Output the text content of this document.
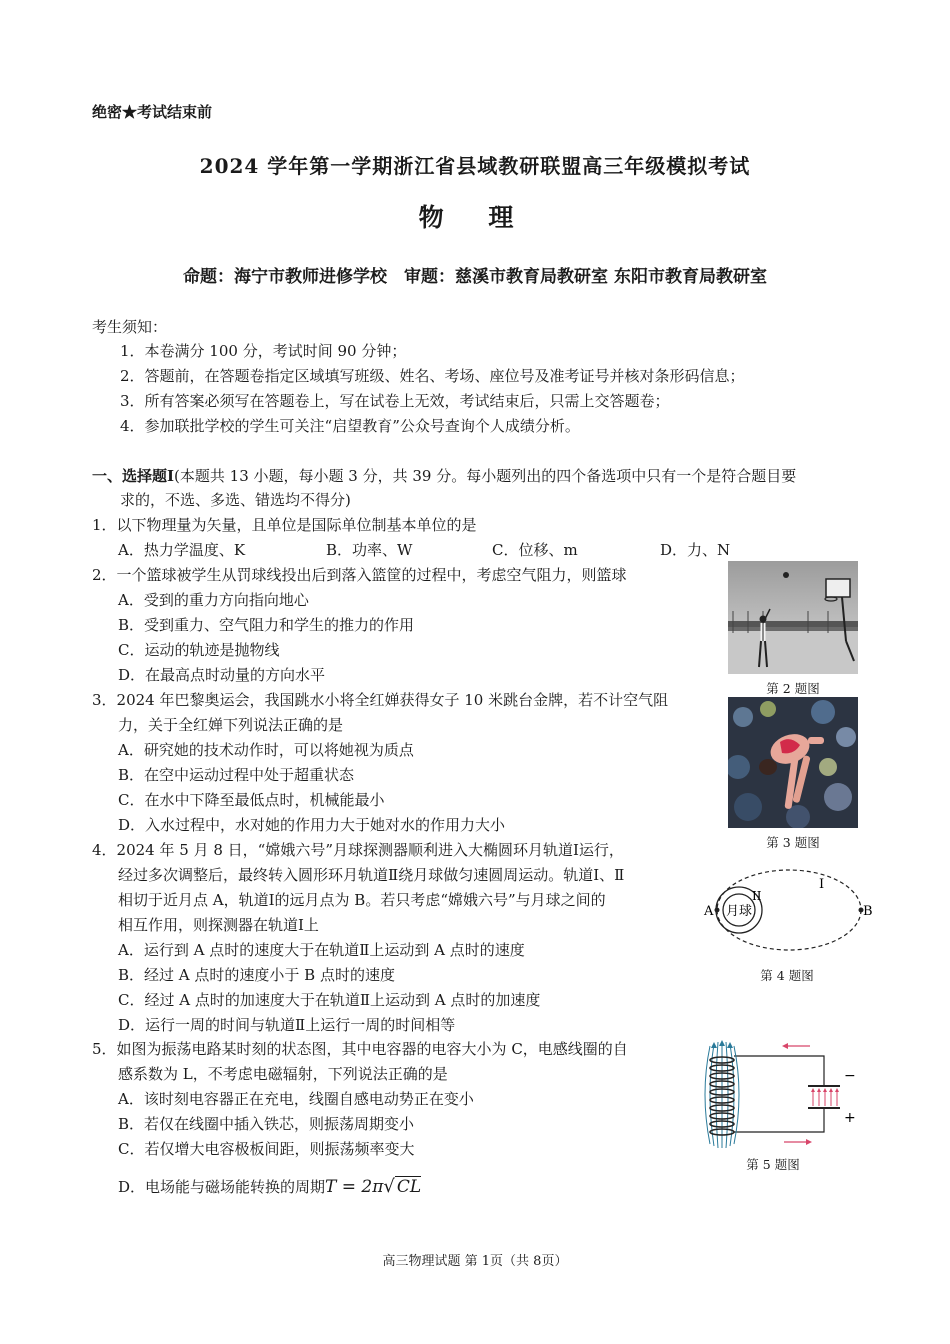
绝密★考试结束前
2024 学年第一学期浙江省县域教研联盟高三年级模拟考试
物 理
命题：海宁市教师进修学校　审题：慈溪市教育局教研室 东阳市教育局教研室
考生须知：
1．本卷满分 100 分，考试时间 90 分钟；
2．答题前，在答题卷指定区域填写班级、姓名、考场、座位号及准考证号并核对条形码信息；
3．所有答案必须写在答题卷上，写在试卷上无效，考试结束后，只需上交答题卷；
4．参加联批学校的学生可关注“启望教育”公众号查询个人成绩分析。
一、选择题Ⅰ(本题共 13 小题，每小题 3 分，共 39 分。每小题列出的四个备选项中只有一个是符合题目要
求的，不选、多选、错选均不得分)
1．以下物理量为矢量，且单位是国际单位制基本单位的是
A．热力学温度、K	B．功率、W	C．位移、m	D．力、N
2．一个篮球被学生从罚球线投出后到落入篮筐的过程中，考虑空气阻力，则篮球
A．受到的重力方向指向地心
B．受到重力、空气阻力和学生的推力的作用
C．运动的轨迹是抛物线
D．在最高点时动量的方向水平
第 2 题图
3．2024 年巴黎奥运会，我国跳水小将全红婵获得女子 10 米跳台金牌，若不计空气阻
力，关于全红婵下列说法正确的是
A．研究她的技术动作时，可以将她视为质点
B．在空中运动过程中处于超重状态
C．在水中下降至最低点时，机械能最小
D．入水过程中，水对她的作用力大于她对水的作用力大小
第 3 题图
4．2024 年 5 月 8 日，“嫦娥六号”月球探测器顺利进入大椭圆环月轨道Ⅰ运行，
经过多次调整后，最终转入圆形环月轨道Ⅱ绕月球做匀速圆周运动。轨道Ⅰ、Ⅱ
相切于近月点 A，轨道Ⅰ的远月点为 B。若只考虑“嫦娥六号”与月球之间的
相互作用，则探测器在轨道Ⅰ上
A．运行到 A 点时的速度大于在轨道Ⅱ上运动到 A 点时的速度
B．经过 A 点时的速度小于 B 点时的速度
C．经过 A 点时的加速度大于在轨道Ⅱ上运动到 A 点时的加速度
D．运行一周的时间与轨道Ⅱ上运行一周的时间相等
月球
I
II
A	B
第 4 题图
5．如图为振荡电路某时刻的状态图，其中电容器的电容大小为 C，电感线圈的自
感系数为 L，不考虑电磁辐射，下列说法正确的是
A．该时刻电容器正在充电，线圈自感电动势正在变小
B．若仅在线圈中插入铁芯，则振荡周期变小
C．若仅增大电容极板间距，则振荡频率变大
D．电场能与磁场能转换的周期T = 2π√ CL
−
+
第 5 题图
高三物理试题 第 1页（共 8页）
